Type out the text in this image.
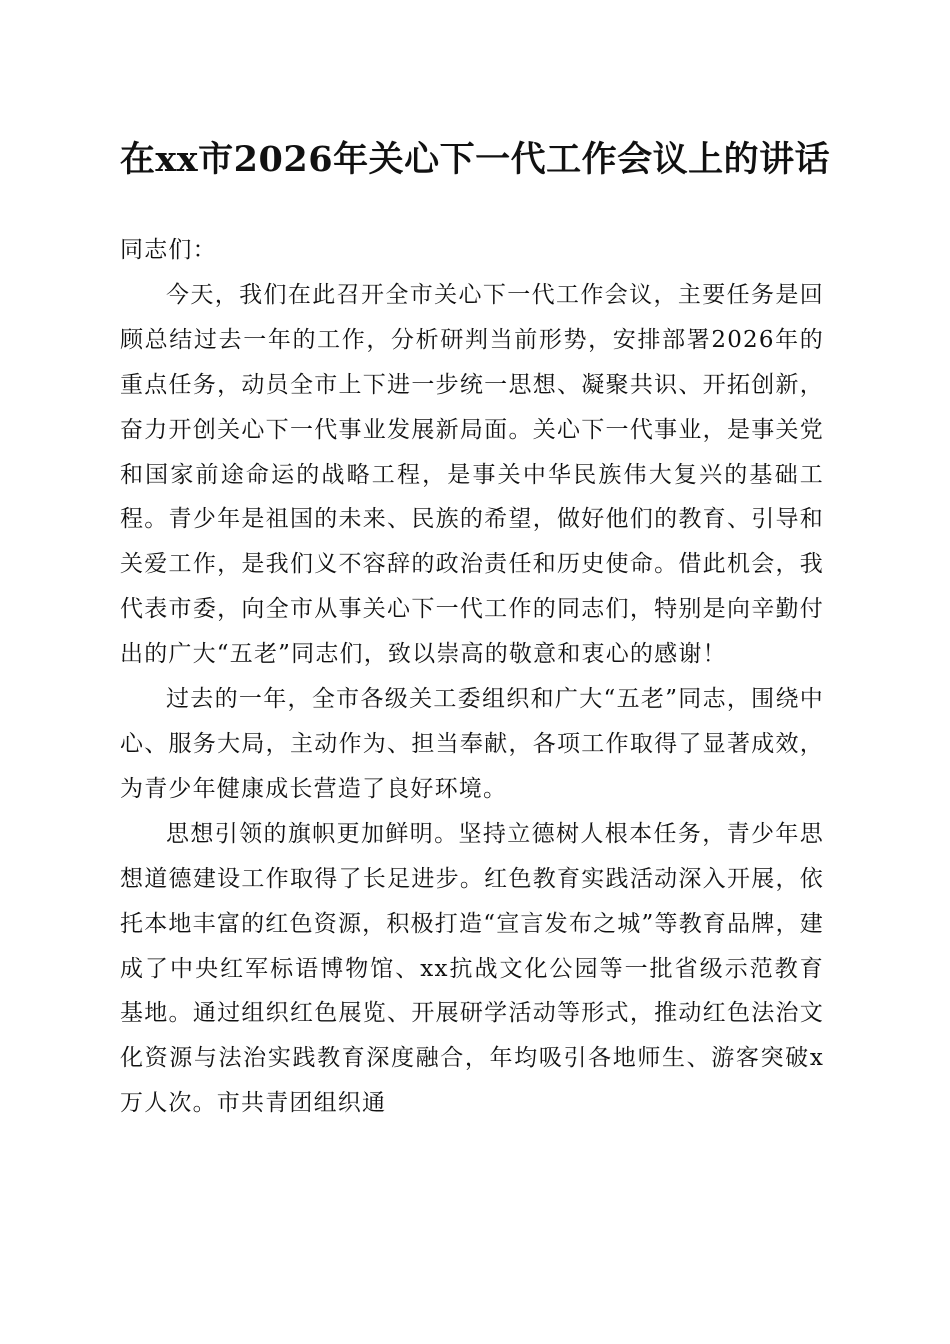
在xx市2026年关心下一代工作会议上的讲话

同志们：

今天，我们在此召开全市关心下一代工作会议，主要任务是回顾总结过去一年的工作，分析研判当前形势，安排部署2026年的重点任务，动员全市上下进一步统一思想、凝聚共识、开拓创新，奋力开创关心下一代事业发展新局面。关心下一代事业，是事关党和国家前途命运的战略工程，是事关中华民族伟大复兴的基础工程。青少年是祖国的未来、民族的希望，做好他们的教育、引导和关爱工作，是我们义不容辞的政治责任和历史使命。借此机会，我代表市委，向全市从事关心下一代工作的同志们，特别是向辛勤付出的广大“五老”同志们，致以崇高的敬意和衷心的感谢！

过去的一年，全市各级关工委组织和广大“五老”同志，围绕中心、服务大局，主动作为、担当奉献，各项工作取得了显著成效，为青少年健康成长营造了良好环境。

思想引领的旗帜更加鲜明。坚持立德树人根本任务，青少年思想道德建设工作取得了长足进步。红色教育实践活动深入开展，依托本地丰富的红色资源，积极打造“宣言发布之城”等教育品牌，建成了中央红军标语博物馆、xx抗战文化公园等一批省级示范教育基地。通过组织红色展览、开展研学活动等形式，推动红色法治文化资源与法治实践教育深度融合，年均吸引各地师生、游客突破x万人次。市共青团组织通
